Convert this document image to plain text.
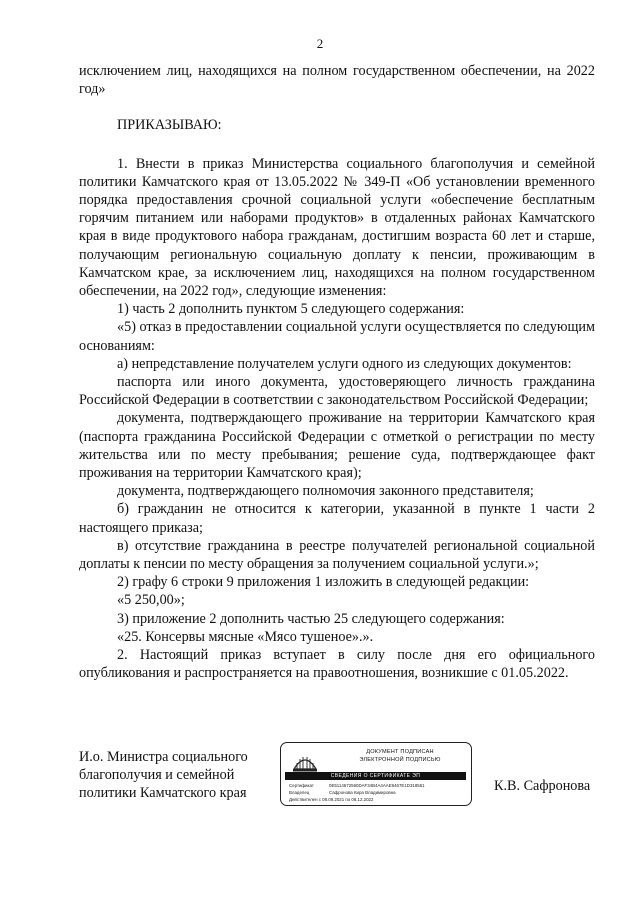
2

исключением лиц, находящихся на полном государственном обеспечении, на 2022 год»

ПРИКАЗЫВАЮ:

1. Внести в приказ Министерства социального благополучия и семейной политики Камчатского края от 13.05.2022 № 349-П «Об установлении временного порядка предоставления срочной социальной услуги «обеспечение бесплатным горячим питанием или наборами продуктов» в отдаленных районах Камчатского края в виде продуктового набора гражданам, достигшим возраста 60 лет и старше, получающим региональную социальную доплату к пенсии, проживающим в Камчатском крае, за исключением лиц, находящихся на полном государственном обеспечении, на 2022 год», следующие изменения:

1) часть 2 дополнить пунктом 5 следующего содержания:

«5) отказ в предоставлении социальной услуги осуществляется по следующим основаниям:

а) непредставление получателем услуги одного из следующих документов:

паспорта или иного документа, удостоверяющего личность гражданина Российской Федерации в соответствии с законодательством Российской Федерации;

документа, подтверждающего проживание на территории Камчатского края (паспорта гражданина Российской Федерации с отметкой о регистрации по месту жительства или по месту пребывания; решение суда, подтверждающее факт проживания на территории Камчатского края);

документа, подтверждающего полномочия законного представителя;

б) гражданин не относится к категории, указанной в пункте 1 части 2 настоящего приказа;

в) отсутствие гражданина в реестре получателей региональной социальной доплаты к пенсии по месту обращения за получением социальной услуги.»;

2) графу 6 строки 9 приложения 1 изложить в следующей редакции:

«5 250,00»;

3) приложение 2 дополнить частью 25 следующего содержания:

«25. Консервы мясные «Мясо тушеное».».

2. Настоящий приказ вступает в силу после дня его официального опубликования и распространяется на правоотношения, возникшие с 01.05.2022.

И.о. Министра социального
благополучия и семейной
политики Камчатского края
ДОКУМЕНТ ПОДПИСАН
ЭЛЕКТРОННОЙ ПОДПИСЬЮ
СВЕДЕНИЯ О СЕРТИФИКАТЕ ЭП
Сертификат	0E5114672560DAF34B4A4AAE9467E1D318561
Владелец	Сафронова Кира Владимировна
Действителен с 08.09.2021 по 08.12.2022
К.В. Сафронова
